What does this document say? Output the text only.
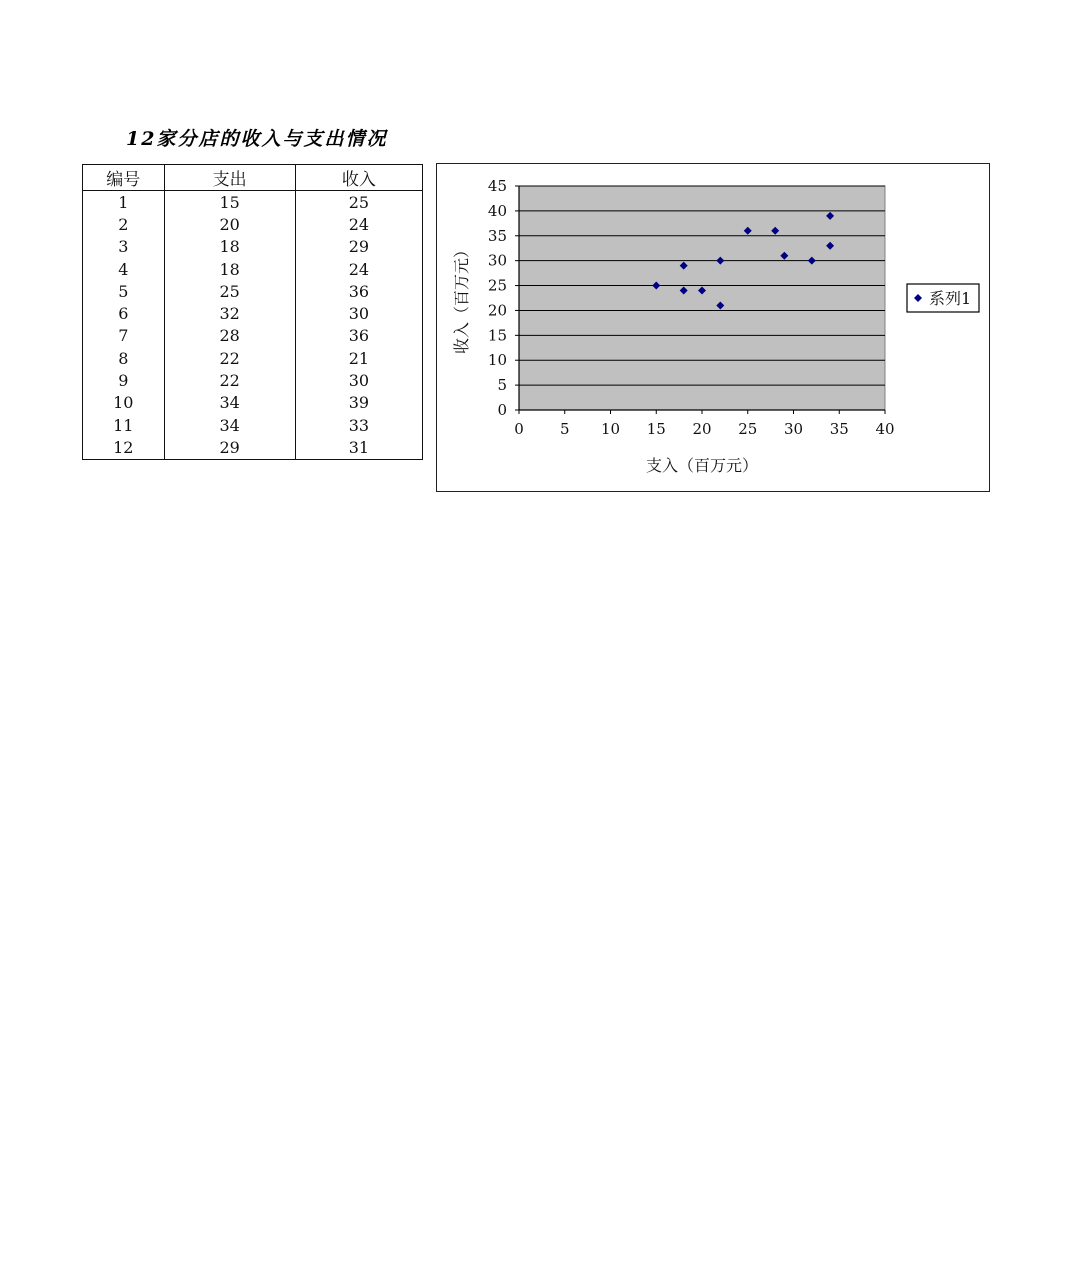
12家分店的收入与支出情况
编号	支出	收入
1	15	25
2	20	24
3	18	29
4	18	24
5	25	36
6	32	30
7	28	36
8	22	21
9	22	30
10	34	39
11	34	33
12	29	31
0
5
10
15
20
25
30
35
40
45
0 5 10 15 20 25 30 35 40
支入（百万元）
收入（百万元）	系列1
